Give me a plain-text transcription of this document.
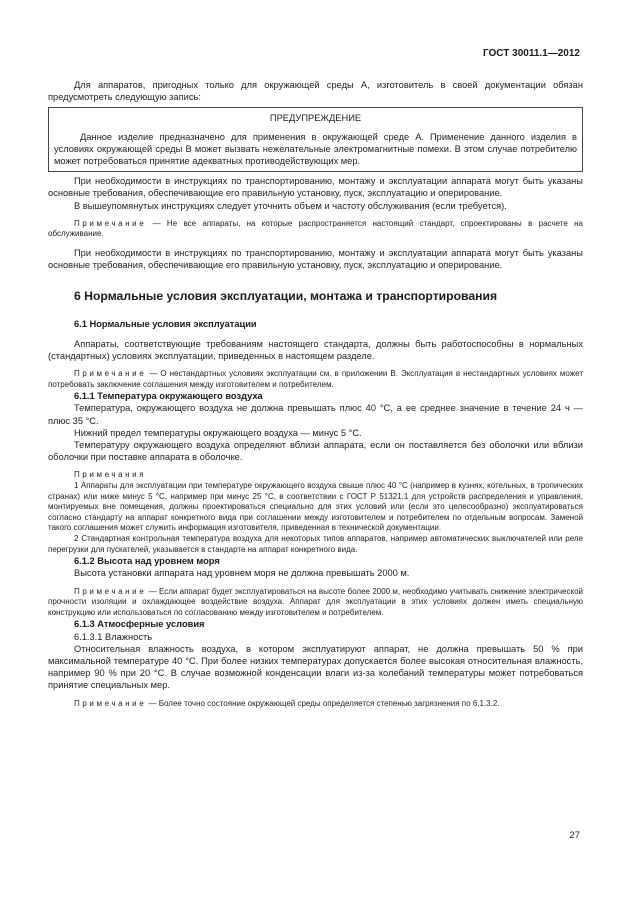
ГОСТ 30011.1—2012

Для аппаратов, пригодных только для окружающей среды А, изготовитель в своей документации обязан предусмотреть следующую запись:

ПРЕДУПРЕЖДЕНИЕ

Данное изделие предназначено для применения в окружающей среде А. Применение данного изделия в условиях окружающей среды В может вызвать нежелательные электромагнитные помехи. В этом случае потребителю может потребоваться принятие адекватных противодействующих мер.

При необходимости в инструкциях по транспортированию, монтажу и эксплуатации аппарата могут быть указаны основные требования, обеспечивающие его правильную установку, пуск, эксплуатацию и оперирование.

В вышеупомянутых инструкциях следует уточнить объем и частоту обслуживания (если требуется).

Примечание — Не все аппараты, на которые распространяется настоящий стандарт, спроектированы в расчете на обслуживание.

При необходимости в инструкциях по транспортированию, монтажу и эксплуатации аппарата могут быть указаны основные требования, обеспечивающие его правильную установку, пуск, эксплуатацию и оперирование.

6 Нормальные условия эксплуатации, монтажа и транспортирования
6.1 Нормальные условия эксплуатации

Аппараты, соответствующие требованиям настоящего стандарта, должны быть работоспособны в нормальных (стандартных) условиях эксплуатации, приведенных в настоящем разделе.

Примечание — О нестандартных условиях эксплуатации см. в приложении В. Эксплуатация в нестандартных условиях может потребовать заключение соглашения между изготовителем и потребителем.

6.1.1 Температура окружающего воздуха

Температура, окружающего воздуха не должна превышать плюс 40 °С, а ее среднее значение в течение 24 ч — плюс 35 °С.

Нижний предел температуры окружающего воздуха — минус 5 °С.

Температуру окружающего воздуха определяют вблизи аппарата, если он поставляется без оболочки или вблизи оболочки при поставке аппарата в оболочке.

Примечания

1 Аппараты для эксплуатации при температуре окружающего воздуха свыше плюс 40 °С (например в кузнях, котельных, в тропических странах) или ниже минус 5 °С, например при минус 25 °С, в соответствии с ГОСТ Р 51321.1 для устройств распределения и управления, монтируемых вне помещения, должны проектироваться специально для этих условий или (если это целесообразно) эксплуатироваться согласно стандарту на аппарат конкретного вида при соглашении между изготовителем и потребителем по отдельным вопросам. Заменой такого соглашения может служить информация изготовителя, приведенная в технической документации.

2 Стандартная контрольная температура воздуха для некоторых типов аппаратов, например автоматических выключателей или реле перегрузки для пускателей, указывается в стандарте на аппарат конкретного вида.

6.1.2 Высота над уровнем моря

Высота установки аппарата над уровнем моря не должна превышать 2000 м.

Примечание — Если аппарат будет эксплуатироваться на высоте более 2000 м, необходимо учитывать снижение электрической прочности изоляции и охлаждающее воздействие воздуха. Аппарат для эксплуатации в этих условиях должен иметь специальную конструкцию или использоваться по согласованию между изготовителем и потребителем.

6.1.3 Атмосферные условия

6.1.3.1 Влажность

Относительная влажность воздуха, в котором эксплуатируют аппарат, не должна превышать 50 % при максимальной температуре 40 °С. При более низких температурах допускается более высокая относительная влажность, например 90 % при 20 °С. В случае возможной конденсации влаги из-за колебаний температуры может потребоваться принятие специальных мер.

Примечание — Более точно состояние окружающей среды определяется степенью загрязнения по 6.1.3.2.

27
